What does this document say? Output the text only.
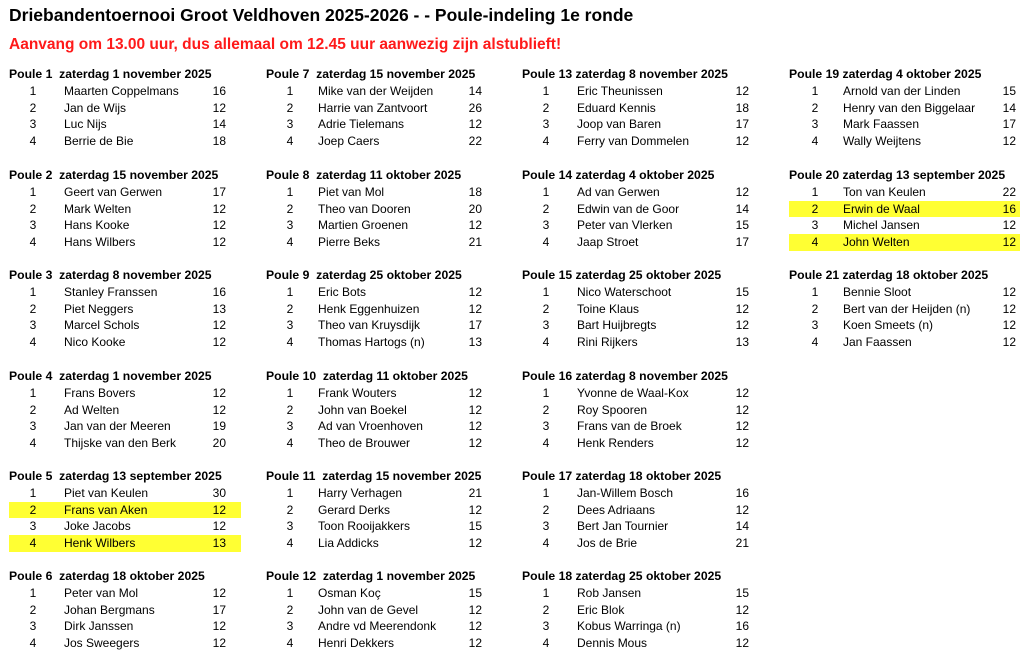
Driebandentoernooi Groot Veldhoven 2025-2026 - - Poule-indeling 1e ronde
Aanvang om 13.00 uur, dus allemaal om 12.45 uur aanwezig zijn alstublieft!
Poule 1 zaterdag 1 november 2025
1	Maarten Coppelmans	16
2	Jan de Wijs	12
3	Luc Nijs	14
4	Berrie de Bie	18
Poule 2 zaterdag 15 november 2025
1	Geert van Gerwen	17
2	Mark Welten	12
3	Hans Kooke	12
4	Hans Wilbers	12
Poule 3 zaterdag 8 november 2025
1	Stanley Franssen	16
2	Piet Neggers	13
3	Marcel Schols	12
4	Nico Kooke	12
Poule 4 zaterdag 1 november 2025
1	Frans Bovers	12
2	Ad Welten	12
3	Jan van der Meeren	19
4	Thijske van den Berk	20
Poule 5 zaterdag 13 september 2025
1	Piet van Keulen	30
2	Frans van Aken	12
3	Joke Jacobs	12
4	Henk Wilbers	13
Poule 6 zaterdag 18 oktober 2025
1	Peter van Mol	12
2	Johan Bergmans	17
3	Dirk Janssen	12
4	Jos Sweegers	12
Poule 7 zaterdag 15 november 2025
1	Mike van der Weijden	14
2	Harrie van Zantvoort	26
3	Adrie Tielemans	12
4	Joep Caers	22
Poule 8 zaterdag 11 oktober 2025
1	Piet van Mol	18
2	Theo van Dooren	20
3	Martien Groenen	12
4	Pierre Beks	21
Poule 9 zaterdag 25 oktober 2025
1	Eric Bots	12
2	Henk Eggenhuizen	12
3	Theo van Kruysdijk	17
4	Thomas Hartogs (n)	13
Poule 10 zaterdag 11 oktober 2025
1	Frank Wouters	12
2	John van Boekel	12
3	Ad van Vroenhoven	12
4	Theo de Brouwer	12
Poule 11 zaterdag 15 november 2025
1	Harry Verhagen	21
2	Gerard Derks	12
3	Toon Rooijakkers	15
4	Lia Addicks	12
Poule 12 zaterdag 1 november 2025
1	Osman Koç	15
2	John van de Gevel	12
3	Andre vd Meerendonk	12
4	Henri Dekkers	12
Poule 13 zaterdag 8 november 2025
1	Eric Theunissen	12
2	Eduard Kennis	18
3	Joop van Baren	17
4	Ferry van Dommelen	12
Poule 14 zaterdag 4 oktober 2025
1	Ad van Gerwen	12
2	Edwin van de Goor	14
3	Peter van Vlerken	15
4	Jaap Stroet	17
Poule 15 zaterdag 25 oktober 2025
1	Nico Waterschoot	15
2	Toine Klaus	12
3	Bart Huijbregts	12
4	Rini Rijkers	13
Poule 16 zaterdag 8 november 2025
1	Yvonne de Waal-Kox	12
2	Roy Spooren	12
3	Frans van de Broek	12
4	Henk Renders	12
Poule 17 zaterdag 18 oktober 2025
1	Jan-Willem Bosch	16
2	Dees Adriaans	12
3	Bert Jan Tournier	14
4	Jos de Brie	21
Poule 18 zaterdag 25 oktober 2025
1	Rob Jansen	15
2	Eric Blok	12
3	Kobus Warringa (n)	16
4	Dennis Mous	12
Poule 19 zaterdag 4 oktober 2025
1	Arnold van der Linden	15
2	Henry van den Biggelaar 14
3	Mark Faassen	17
4	Wally Weijtens	12
Poule 20 zaterdag 13 september 2025
1	Ton van Keulen	22
2	Erwin de Waal	16
3	Michel Jansen	12
4	John Welten	12
Poule 21 zaterdag 18 oktober 2025
1	Bennie Sloot	12
2	Bert van der Heijden (n)	12
3	Koen Smeets (n)	12
4	Jan Faassen	12
